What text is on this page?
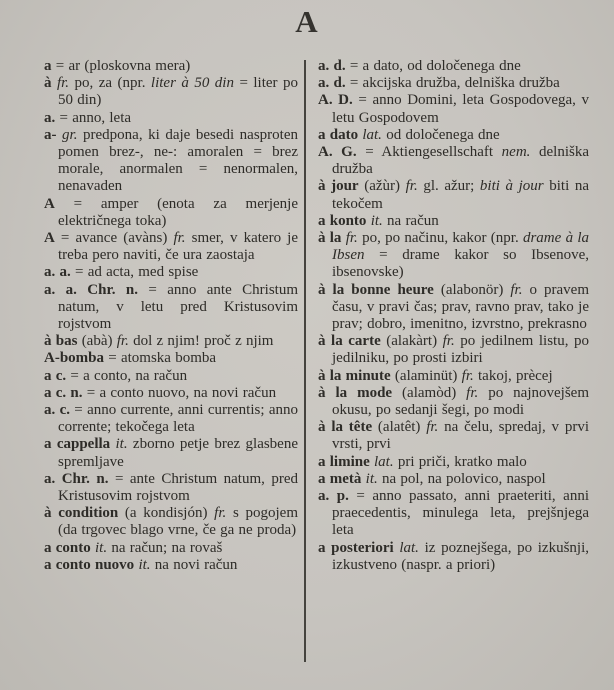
A

a = ar (ploskovna mera)

à fr. po, za (npr. liter à 50 din = liter po 50 din)

a. = anno, leta

a- gr. predpona, ki daje besedi nasproten pomen brez-, ne-: amoralen = brez morale, anormalen = nenormalen, nenavaden

A = amper (enota za merjenje električnega toka)

A = avance (avàns) fr. smer, v katero je treba pero naviti, če ura zaostaja

a. a. = ad acta, med spise

a. a. Chr. n. = anno ante Christum natum, v letu pred Kristusovim rojstvom

à bas (abà) fr. dol z njim! proč z njim

A-bomba = atomska bomba

a c. = a conto, na račun

a c. n. = a conto nuovo, na novi račun

a. c. = anno currente, anni currentis; anno corrente; tekočega leta

a cappella it. zborno petje brez glasbene spremljave

a. Chr. n. = ante Christum natum, pred Kristusovim rojstvom

à condition (a kondisjón) fr. s pogojem (da trgovec blago vrne, če ga ne proda)

a conto it. na račun; na rovaš

a conto nuovo it. na novi račun

a. d. = a dato, od določenega dne

a. d. = akcijska družba, delniška družba

A. D. = anno Domini, leta Gospodovega, v letu Gospodovem

a dato lat. od določenega dne

A. G. = Aktiengesellschaft nem. delniška družba

à jour (ažùr) fr. gl. ažur; biti à jour biti na tekočem

a konto it. na račun

à la fr. po, po načinu, kakor (npr. drame à la Ibsen = drame kakor so Ibsenove, ibsenovske)

à la bonne heure (alabonör) fr. o pravem času, v pravi čas; prav, ravno prav, tako je prav; dobro, imenitno, izvrstno, prekrasno

à la carte (alakàrt) fr. po jedilnem listu, po jedilniku, po prosti izbiri

à la minute (alaminüt) fr. takoj, prècej

à la mode (alamòd) fr. po najnovejšem okusu, po sedanji šegi, po modi

à la tête (alatêt) fr. na čelu, spredaj, v prvi vrsti, prvi

a limine lat. pri priči, kratko malo

a metà it. na pol, na polovico, naspol

a. p. = anno passato, anni praeteriti, anni praecedentis, minulega leta, prejšnjega leta

a posteriori lat. iz poznejšega, po izkušnji, izkustveno (naspr. a priori)
